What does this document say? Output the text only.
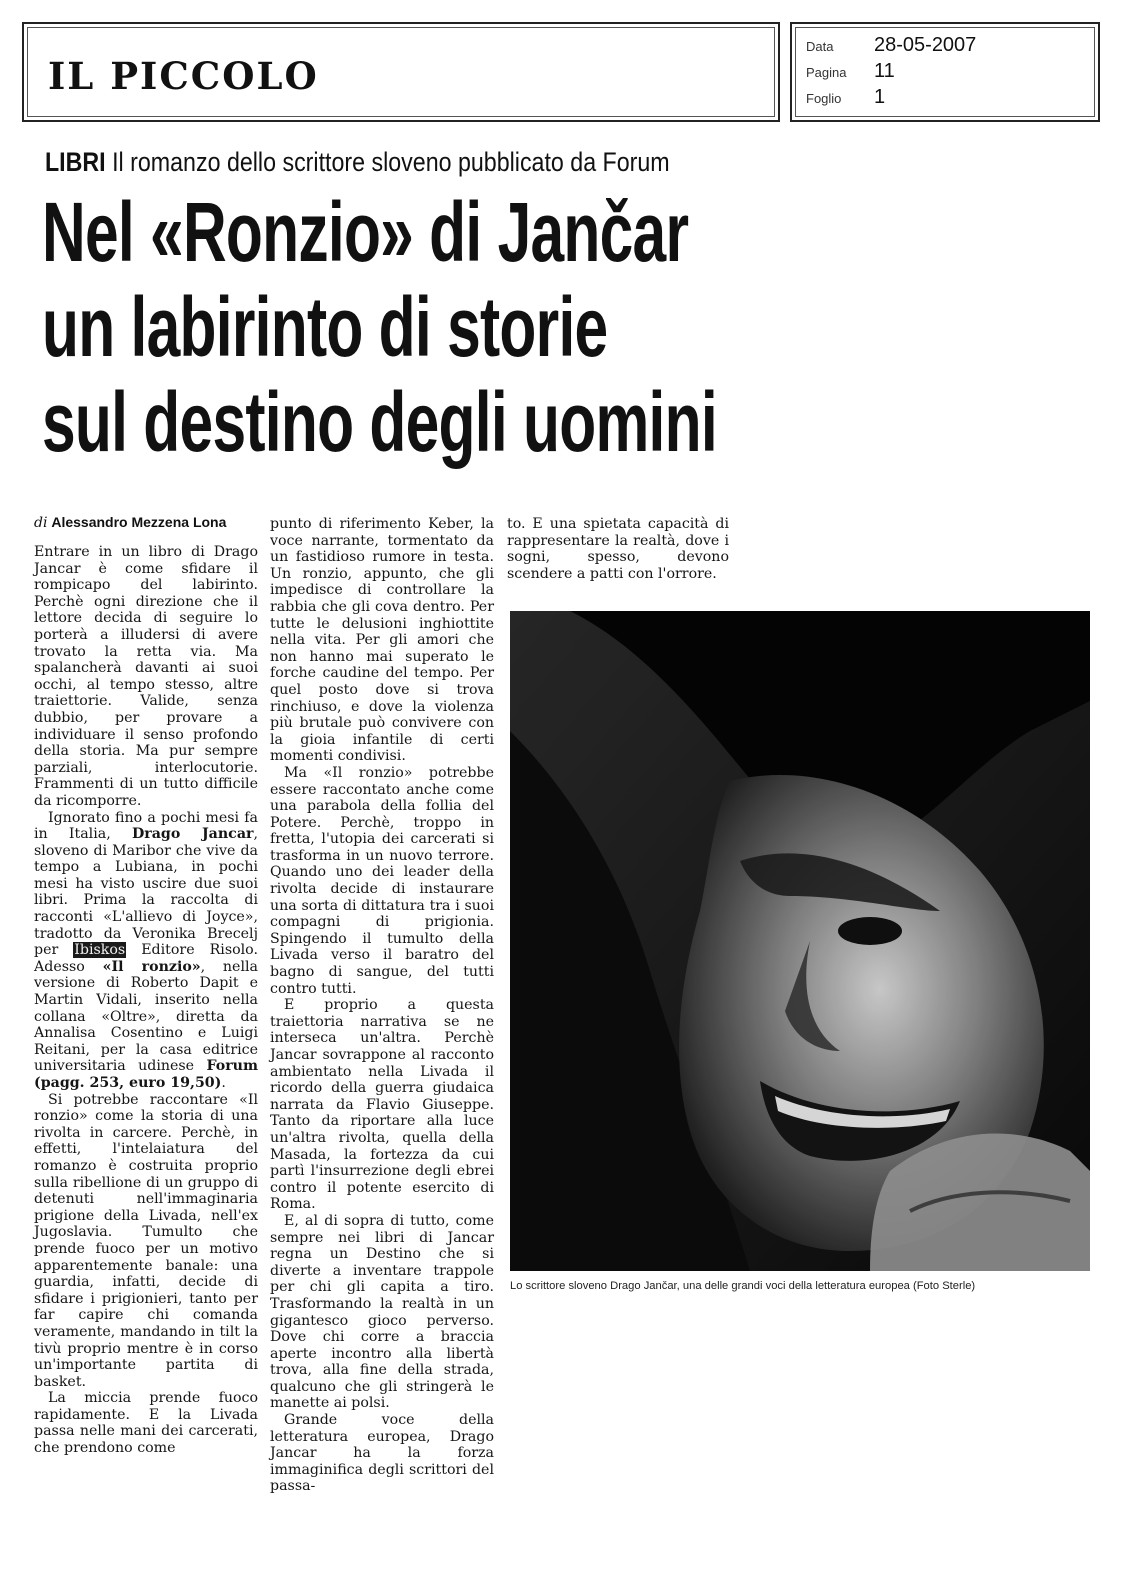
IL PICCOLO
Data 28-05-2007
Pagina 11
Foglio 1
LIBRI Il romanzo dello scrittore sloveno pubblicato da Forum
Nel «Ronzio» di Jančar
un labirinto di storie
sul destino degli uomini
di Alessandro Mezzena Lona

Entrare in un libro di Drago Jancar è come sfidare il rompicapo del labirinto. Perchè ogni direzione che il lettore decida di seguire lo porterà a illudersi di avere trovato la retta via. Ma spalancherà davanti ai suoi occhi, al tempo stesso, altre traiettorie. Valide, senza dubbio, per provare a individuare il senso profondo della storia. Ma pur sempre parziali, interlocutorie. Frammenti di un tutto difficile da ricomporre.

Ignorato fino a pochi mesi fa in Italia, Drago Jancar, sloveno di Maribor che vive da tempo a Lubiana, in pochi mesi ha visto uscire due suoi libri. Prima la raccolta di racconti «L'allievo di Joyce», tradotto da Veronika Brecelj per Ibiskos Editore Risolo. Adesso «Il ronzio», nella versione di Roberto Dapit e Martin Vidali, inserito nella collana «Oltre», diretta da Annalisa Cosentino e Luigi Reitani, per la casa editrice universitaria udinese Forum (pagg. 253, euro 19,50).

Si potrebbe raccontare «Il ronzio» come la storia di una rivolta in carcere. Perchè, in effetti, l'intelaiatura del romanzo è costruita proprio sulla ribellione di un gruppo di detenuti nell'immaginaria prigione della Livada, nell'ex Jugoslavia. Tumulto che prende fuoco per un motivo apparentemente banale: una guardia, infatti, decide di sfidare i prigionieri, tanto per far capire chi comanda veramente, mandando in tilt la tivù proprio mentre è in corso un'importante partita di basket.

La miccia prende fuoco rapidamente. E la Livada passa nelle mani dei carcerati, che prendono come

punto di riferimento Keber, la voce narrante, tormentato da un fastidioso rumore in testa. Un ronzio, appunto, che gli impedisce di controllare la rabbia che gli cova dentro. Per tutte le delusioni inghiottite nella vita. Per gli amori che non hanno mai superato le forche caudine del tempo. Per quel posto dove si trova rinchiuso, e dove la violenza più brutale può convivere con la gioia infantile di certi momenti condivisi.

Ma «Il ronzio» potrebbe essere raccontato anche come una parabola della follia del Potere. Perchè, troppo in fretta, l'utopia dei carcerati si trasforma in un nuovo terrore. Quando uno dei leader della rivolta decide di instaurare una sorta di dittatura tra i suoi compagni di prigionia. Spingendo il tumulto della Livada verso il baratro del bagno di sangue, del tutti contro tutti.

E proprio a questa traiettoria narrativa se ne interseca un'altra. Perchè Jancar sovrappone al racconto ambientato nella Livada il ricordo della guerra giudaica narrata da Flavio Giuseppe. Tanto da riportare alla luce un'altra rivolta, quella della Masada, la fortezza da cui partì l'insurrezione degli ebrei contro il potente esercito di Roma.

E, al di sopra di tutto, come sempre nei libri di Jancar regna un Destino che si diverte a inventare trappole per chi gli capita a tiro. Trasformando la realtà in un gigantesco gioco perverso. Dove chi corre a braccia aperte incontro alla libertà trova, alla fine della strada, qualcuno che gli stringerà le manette ai polsi.

Grande voce della letteratura europea, Drago Jancar ha la forza immaginifica degli scrittori del passa-

to. E una spietata capacità di rappresentare la realtà, dove i sogni, spesso, devono scendere a patti con l'orrore.

Lo scrittore sloveno Drago Jančar, una delle grandi voci della letteratura europea (Foto Sterle)
